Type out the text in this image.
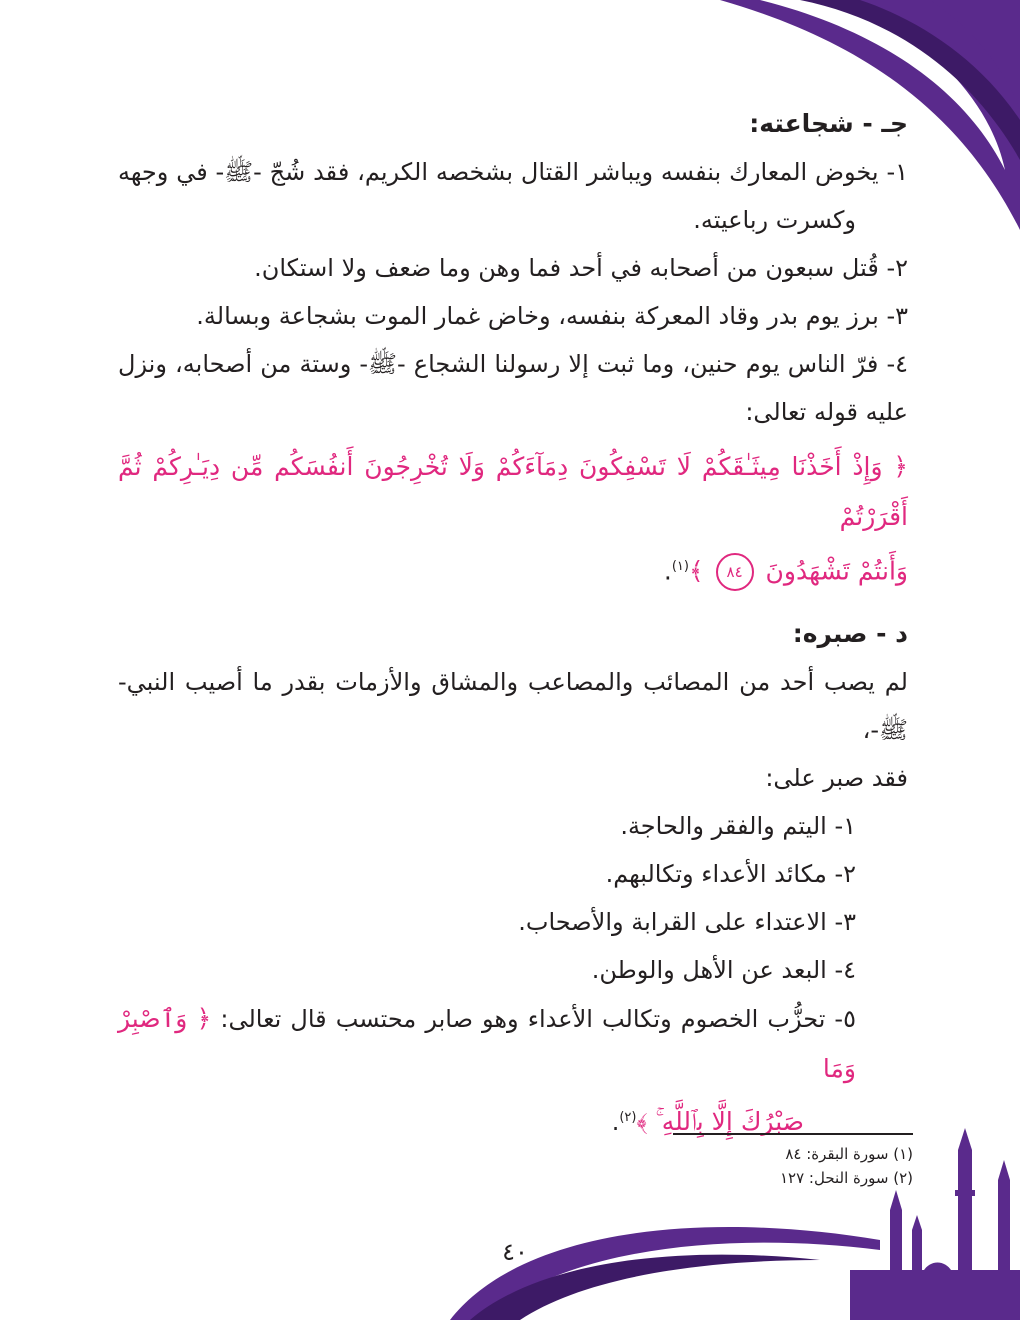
جـ - شجاعته:

١- يخوض المعارك بنفسه ويباشر القتال بشخصه الكريم، فقد شُجّ -ﷺ- في وجهه

وكسرت رباعيته.

٢- قُتل سبعون من أصحابه في أحد فما وهن وما ضعف ولا استكان.

٣- برز يوم بدر وقاد المعركة بنفسه، وخاض غمار الموت بشجاعة وبسالة.

٤- فرّ الناس يوم حنين، وما ثبت إلا رسولنا الشجاع -ﷺ- وستة من أصحابه، ونزل

عليه قوله تعالى:

﴿ وَإِذْ أَخَذْنَا مِيثَـٰقَكُمْ لَا تَسْفِكُونَ دِمَآءَكُمْ وَلَا تُخْرِجُونَ أَنفُسَكُم مِّن دِيَـٰرِكُمْ ثُمَّ أَقْرَرْتُمْ
وَأَنتُمْ تَشْهَدُونَ ٨٤ ﴾$^{(١)}$.

د - صبره:

لم يصب أحد من المصائب والمصاعب والمشاق والأزمات بقدر ما أصيب النبي-ﷺ-،

فقد صبر على:

١- اليتم والفقر والحاجة.

٢- مكائد الأعداء وتكالبهم.

٣- الاعتداء على القرابة والأصحاب.

٤- البعد عن الأهل والوطن.

٥- تحزُّب الخصوم وتكالب الأعداء وهو صابر محتسب قال تعالى: ﴿ وَٱصْبِرْ وَمَا

صَبْرُكَ إِلَّا بِٱللَّهِ ۚ ﴾$^{(٢)}$.

(١) سورة البقرة: ٨٤
(٢) سورة النحل: ١٢٧
٤٠
